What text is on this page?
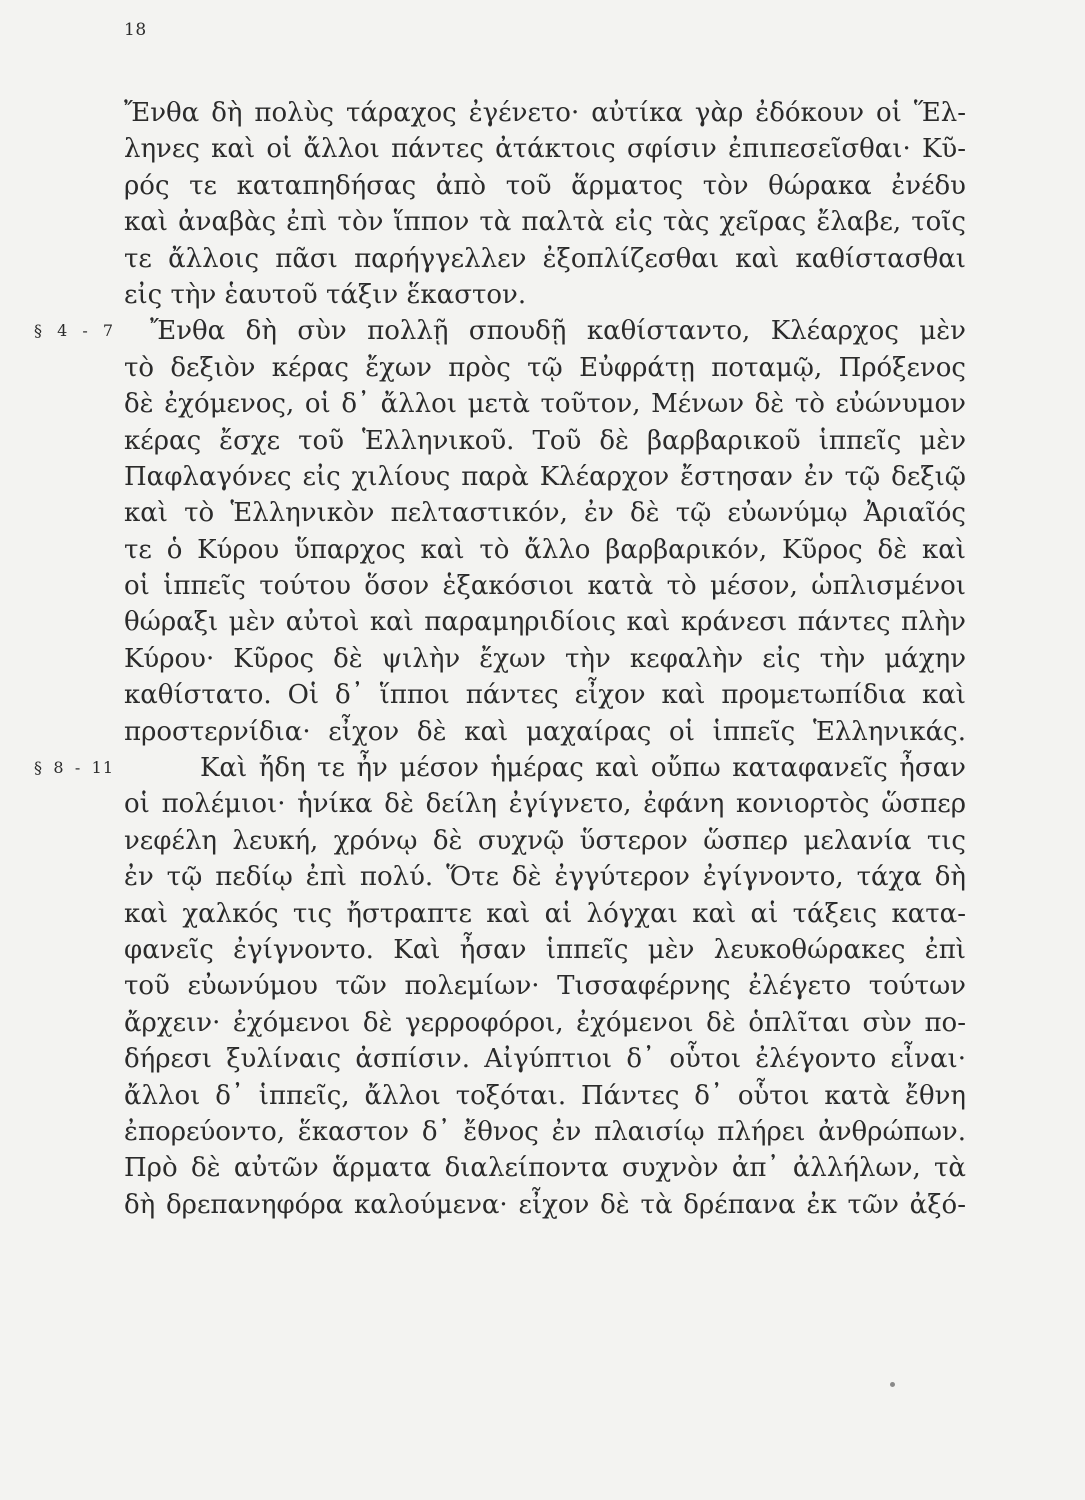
18
Ἔνθα δὴ πολὺς τάραχος ἐγένετο· αὐτίκα γὰρ ἐδόκουν οἱ Ἕλ-
ληνες καὶ οἱ ἄλλοι πάντες ἀτάκτοις σφίσιν ἐπιπεσεῖσθαι· Κῦ-
ρός τε καταπηδήσας ἀπὸ τοῦ ἅρματος τὸν θώρακα ἐνέδυ
καὶ ἀναβὰς ἐπὶ τὸν ἵππον τὰ παλτὰ εἰς τὰς χεῖρας ἔλαβε, τοῖς
τε ἄλλοις πᾶσι παρήγγελλεν ἐξοπλίζεσθαι καὶ καθίστασθαι
εἰς τὴν ἑαυτοῦ τάξιν ἕκαστον.
§ 4 - 7	Ἔνθα δὴ σὺν πολλῇ σπουδῇ καθίσταντο, Κλέαρχος μὲν
τὸ δεξιὸν κέρας ἔχων πρὸς τῷ Εὐφράτῃ ποταμῷ, Πρόξενος
δὲ ἐχόμενος, οἱ δ᾽ ἄλλοι μετὰ τοῦτον, Μένων δὲ τὸ εὐώνυμον
κέρας ἔσχε τοῦ Ἑλληνικοῦ. Τοῦ δὲ βαρβαρικοῦ ἱππεῖς μὲν
Παφλαγόνες εἰς χιλίους παρὰ Κλέαρχον ἔστησαν ἐν τῷ δεξιῷ
καὶ τὸ Ἑλληνικὸν πελταστικόν, ἐν δὲ τῷ εὐωνύμῳ Ἀριαῖός
τε ὁ Κύρου ὕπαρχος καὶ τὸ ἄλλο βαρβαρικόν, Κῦρος δὲ καὶ
οἱ ἱππεῖς τούτου ὅσον ἑξακόσιοι κατὰ τὸ μέσον, ὡπλισμένοι
θώραξι μὲν αὐτοὶ καὶ παραμηριδίοις καὶ κράνεσι πάντες πλὴν
Κύρου· Κῦρος δὲ ψιλὴν ἔχων τὴν κεφαλὴν εἰς τὴν μάχην
καθίστατο. Οἱ δ᾽ ἵπποι πάντες εἶχον καὶ προμετωπίδια καὶ
προστερνίδια· εἶχον δὲ καὶ μαχαίρας οἱ ἱππεῖς Ἑλληνικάς.
§ 8 - 11	Καὶ ἤδη τε ἦν μέσον ἡμέρας καὶ οὔπω καταφανεῖς ἦσαν
οἱ πολέμιοι· ἡνίκα δὲ δείλη ἐγίγνετο, ἐφάνη κονιορτὸς ὥσπερ
νεφέλη λευκή, χρόνῳ δὲ συχνῷ ὕστερον ὥσπερ μελανία τις
ἐν τῷ πεδίῳ ἐπὶ πολύ. Ὅτε δὲ ἐγγύτερον ἐγίγνοντο, τάχα δὴ
καὶ χαλκός τις ἤστραπτε καὶ αἱ λόγχαι καὶ αἱ τάξεις κατα-
φανεῖς ἐγίγνοντο. Καὶ ἦσαν ἱππεῖς μὲν λευκοθώρακες ἐπὶ
τοῦ εὐωνύμου τῶν πολεμίων· Τισσαφέρνης ἐλέγετο τούτων
ἄρχειν· ἐχόμενοι δὲ γερροφόροι, ἐχόμενοι δὲ ὁπλῖται σὺν πο-
δήρεσι ξυλίναις ἀσπίσιν. Αἰγύπτιοι δ᾽ οὗτοι ἐλέγοντο εἶναι·
ἄλλοι δ᾽ ἱππεῖς, ἄλλοι τοξόται. Πάντες δ᾽ οὗτοι κατὰ ἔθνη
ἐπορεύοντο, ἕκαστον δ᾽ ἔθνος ἐν πλαισίῳ πλήρει ἀνθρώπων.
Πρὸ δὲ αὐτῶν ἅρματα διαλείποντα συχνὸν ἀπ᾽ ἀλλήλων, τὰ
δὴ δρεπανηφόρα καλούμενα· εἶχον δὲ τὰ δρέπανα ἐκ τῶν ἀξό-
